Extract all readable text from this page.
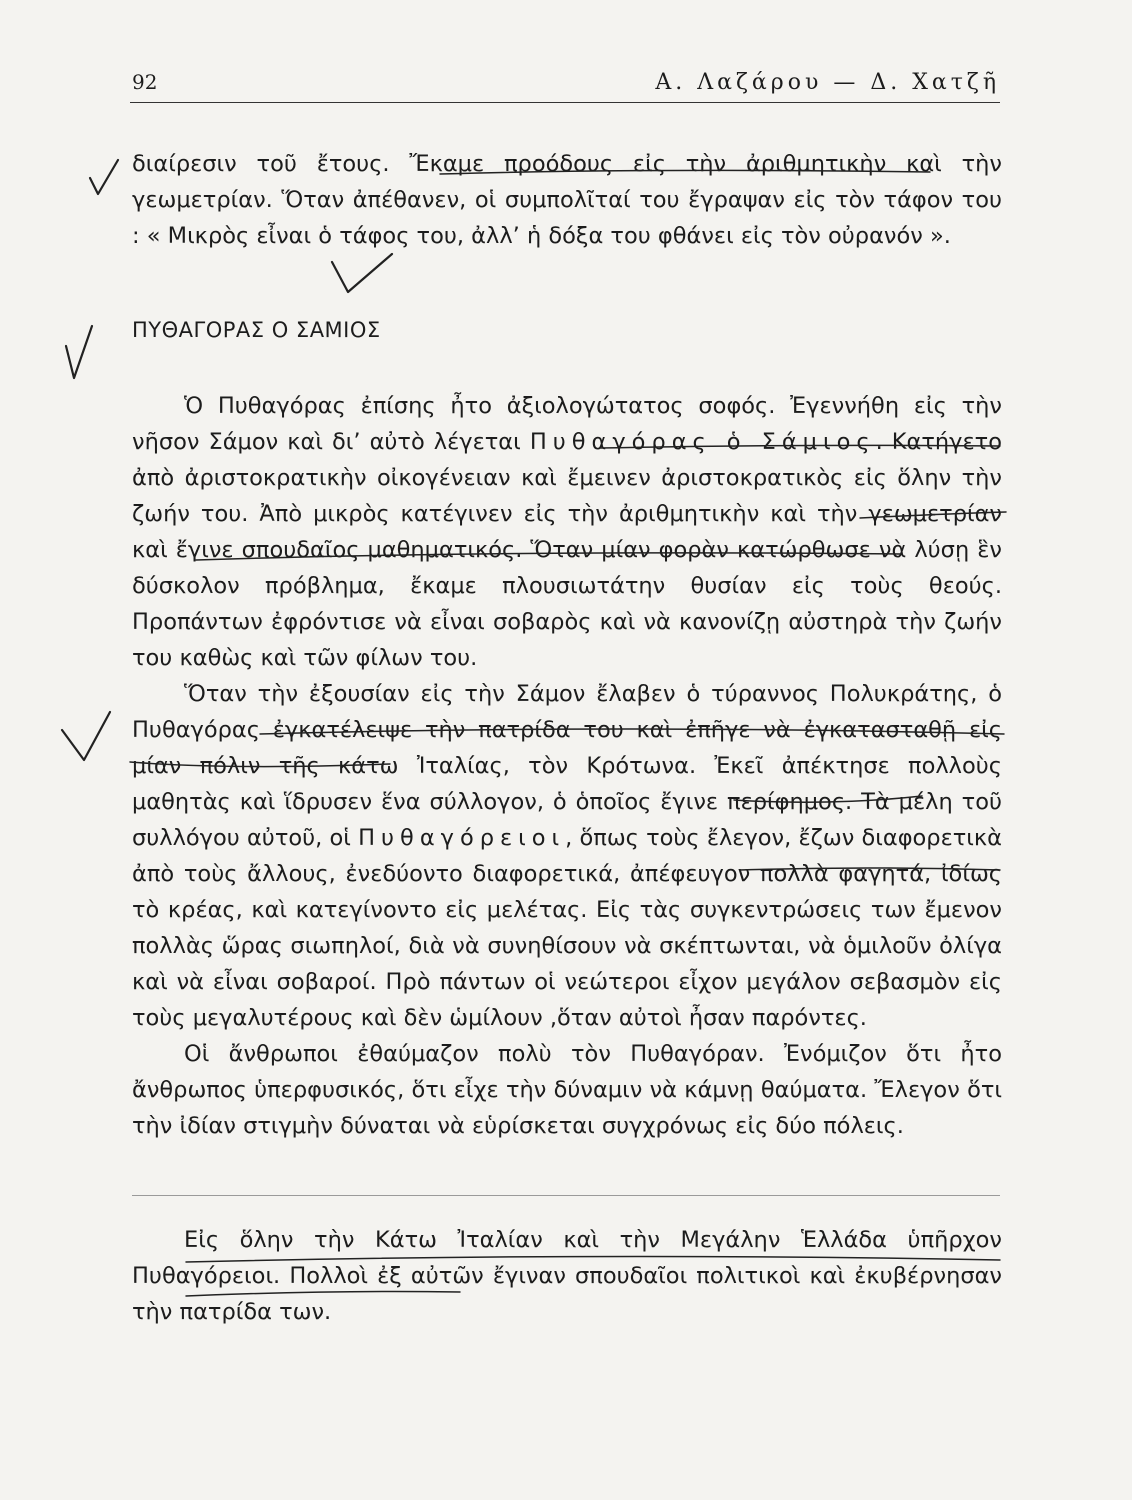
92	Α. Λαζάρου — Δ. Χατζῆ

διαίρεσιν τοῦ ἔτους. Ἔκαμε προόδους εἰς τὴν ἀριθμητικὴν καὶ τὴν γεωμετρίαν. Ὅταν ἀπέθανεν, οἱ συμπολῖταί του ἔγραψαν εἰς τὸν τάφον του : « Μικρὸς εἶναι ὁ τάφος του, ἀλλ’ ἡ δόξα του φθάνει εἰς τὸν οὐρανόν ».

ΠΥΘΑΓΟΡΑΣ Ο ΣΑΜΙΟΣ

Ὁ Πυθαγόρας ἐπίσης ἦτο ἀξιολογώτατος σοφός. Ἐγεννήθη εἰς τὴν νῆσον Σάμον καὶ δι’ αὐτὸ λέγεται Πυθαγόρας ὁ Σάμιος. Κατήγετο ἀπὸ ἀριστοκρατικὴν οἰκογένειαν καὶ ἔμεινεν ἀριστοκρατικὸς εἰς ὅλην τὴν ζωήν του. Ἀπὸ μικρὸς κατέγινεν εἰς τὴν ἀριθμητικὴν καὶ τὴν γεωμετρίαν καὶ ἔγινε σπουδαῖος μαθηματικός. Ὅταν μίαν φορὰν κατώρθωσε νὰ λύσῃ ἓν δύσκολον πρόβλημα, ἔκαμε πλουσιωτάτην θυσίαν εἰς τοὺς θεούς. Προπάντων ἐφρόντισε νὰ εἶναι σοβαρὸς καὶ νὰ κανονίζῃ αὐστηρὰ τὴν ζωήν του καθὼς καὶ τῶν φίλων του.

Ὅταν τὴν ἐξουσίαν εἰς τὴν Σάμον ἔλαβεν ὁ τύραννος Πολυκράτης, ὁ Πυθαγόρας ἐγκατέλειψε τὴν πατρίδα του καὶ ἐπῆγε νὰ ἐγκατασταθῇ εἰς μίαν πόλιν τῆς κάτω Ἰταλίας, τὸν Κρότωνα. Ἐκεῖ ἀπέκτησε πολλοὺς μαθητὰς καὶ ἵδρυσεν ἕνα σύλλογον, ὁ ὁποῖος ἔγινε περίφημος. Τὰ μέλη τοῦ συλλόγου αὐτοῦ, οἱ Πυθαγόρειοι, ὅπως τοὺς ἔλεγον, ἔζων διαφορετικὰ ἀπὸ τοὺς ἄλλους, ἐνεδύοντο διαφορετικά, ἀπέφευγον πολλὰ φαγητά, ἰδίως τὸ κρέας, καὶ κατεγίνοντο εἰς μελέτας. Εἰς τὰς συγκεντρώσεις των ἔμενον πολλὰς ὥρας σιωπηλοί, διὰ νὰ συνηθίσουν νὰ σκέπτωνται, νὰ ὁμιλοῦν ὀλίγα καὶ νὰ εἶναι σοβαροί. Πρὸ πάντων οἱ νεώτεροι εἶχον μεγάλον σεβασμὸν εἰς τοὺς μεγαλυτέρους καὶ δὲν ὡμίλουν ,ὅταν αὐτοὶ ἦσαν παρόντες.

Οἱ ἄνθρωποι ἐθαύμαζον πολὺ τὸν Πυθαγόραν. Ἐνόμιζον ὅτι ἦτο ἄνθρωπος ὑπερφυσικός, ὅτι εἶχε τὴν δύναμιν νὰ κάμνῃ θαύματα. Ἔλεγον ὅτι τὴν ἰδίαν στιγμὴν δύναται νὰ εὑρίσκεται συγχρόνως εἰς δύο πόλεις.

Εἰς ὅλην τὴν Κάτω Ἰταλίαν καὶ τὴν Μεγάλην Ἑλλάδα ὑπῆρχον Πυθαγόρειοι. Πολλοὶ ἐξ αὐτῶν ἔγιναν σπουδαῖοι πολιτικοὶ καὶ ἐκυβέρνησαν τὴν πατρίδα των.
